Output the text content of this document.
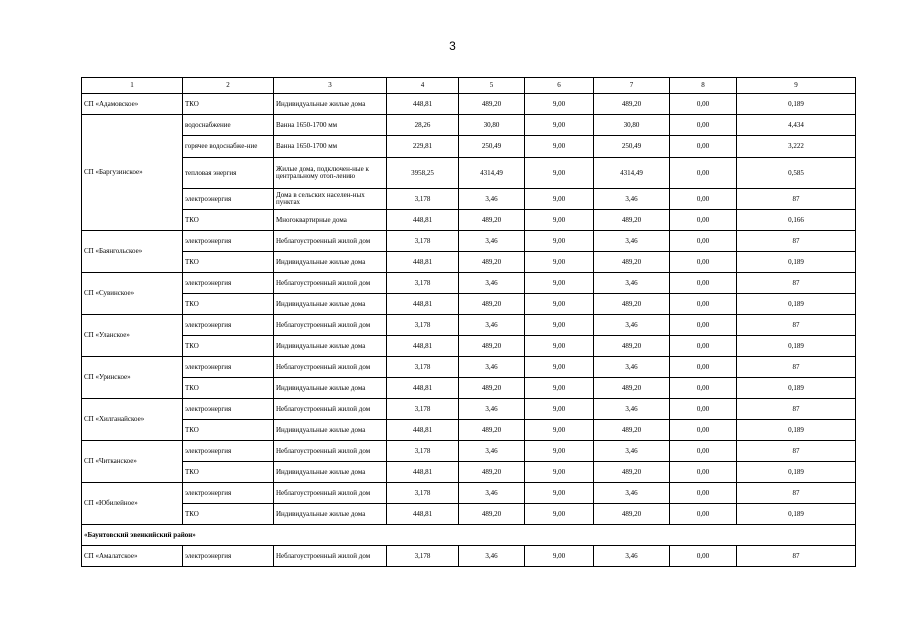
3
1	2	3	4	5	6	7	8	9
СП «Адамовское»	ТКО	Индивидуальные жилые дома	448,81	489,20	9,00	489,20	0,00	0,189
СП «Баргузинское»	водоснабжение	Ванна 1650-1700 мм	28,26	30,80	9,00	30,80	0,00	4,434
	горячее водоснабже-ние	Ванна 1650-1700 мм	229,81	250,49	9,00	250,49	0,00	3,222
	тепловая энергия	Жилые дома, подключен-ные к центральному отоп-лению	3958,25	4314,49	9,00	4314,49	0,00	0,585
	электроэнергия	Дома в сельских населен-ных пунктах	3,178	3,46	9,00	3,46	0,00	87
	ТКО	Многоквартирные дома	448,81	489,20	9,00	489,20	0,00	0,166
СП «Баянгольское»	электроэнергия	Неблагоустроенный жилой дом	3,178	3,46	9,00	3,46	0,00	87
	ТКО	Индивидуальные жилые дома	448,81	489,20	9,00	489,20	0,00	0,189
СП «Сувинское»	электроэнергия	Неблагоустроенный жилой дом	3,178	3,46	9,00	3,46	0,00	87
	ТКО	Индивидуальные жилые дома	448,81	489,20	9,00	489,20	0,00	0,189
СП «Уланское»	электроэнергия	Неблагоустроенный жилой дом	3,178	3,46	9,00	3,46	0,00	87
	ТКО	Индивидуальные жилые дома	448,81	489,20	9,00	489,20	0,00	0,189
СП «Уринское»	электроэнергия	Неблагоустроенный жилой дом	3,178	3,46	9,00	3,46	0,00	87
	ТКО	Индивидуальные жилые дома	448,81	489,20	9,00	489,20	0,00	0,189
СП «Хилганайское»	электроэнергия	Неблагоустроенный жилой дом	3,178	3,46	9,00	3,46	0,00	87
	ТКО	Индивидуальные жилые дома	448,81	489,20	9,00	489,20	0,00	0,189
СП «Читканское»	электроэнергия	Неблагоустроенный жилой дом	3,178	3,46	9,00	3,46	0,00	87
	ТКО	Индивидуальные жилые дома	448,81	489,20	9,00	489,20	0,00	0,189
СП «Юбилейное»	электроэнергия	Неблагоустроенный жилой дом	3,178	3,46	9,00	3,46	0,00	87
	ТКО	Индивидуальные жилые дома	448,81	489,20	9,00	489,20	0,00	0,189
«Баунтовский эвенкийский район»								
СП «Амалатское»	электроэнергия	Неблагоустроенный жилой дом	3,178	3,46	9,00	3,46	0,00	87
